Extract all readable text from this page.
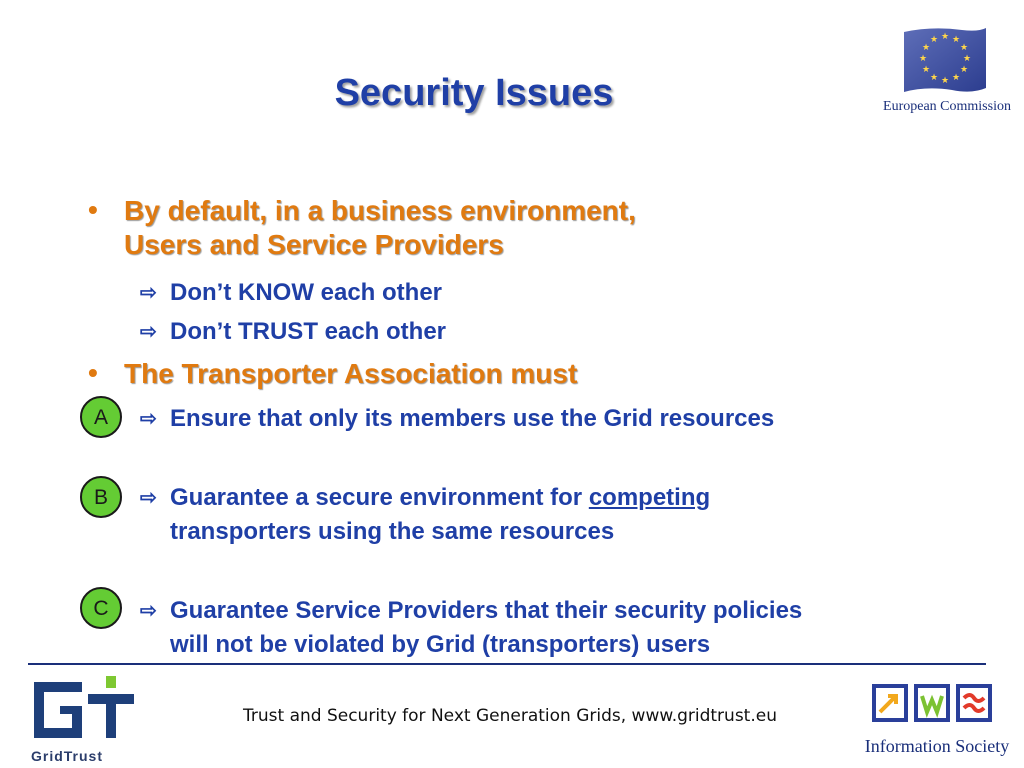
Security Issues
★ ★
★
★
★
★
★
★
★
★
★
★
European Commission
• By default, in a business environment,
Users and Service Providers
⇨ Don’t KNOW each other
⇨ Don’t TRUST each other
• The Transporter Association must
A	⇨ Ensure that only its members use the Grid resources
B	⇨ Guarantee a secure environment for competing
transporters using the same resources
C	⇨ Guarantee Service Providers that their security policies
will not be violated by Grid (transporters) users
GridTrust
Trust and Security for Next Generation Grids, www.gridtrust.eu
Information Society
